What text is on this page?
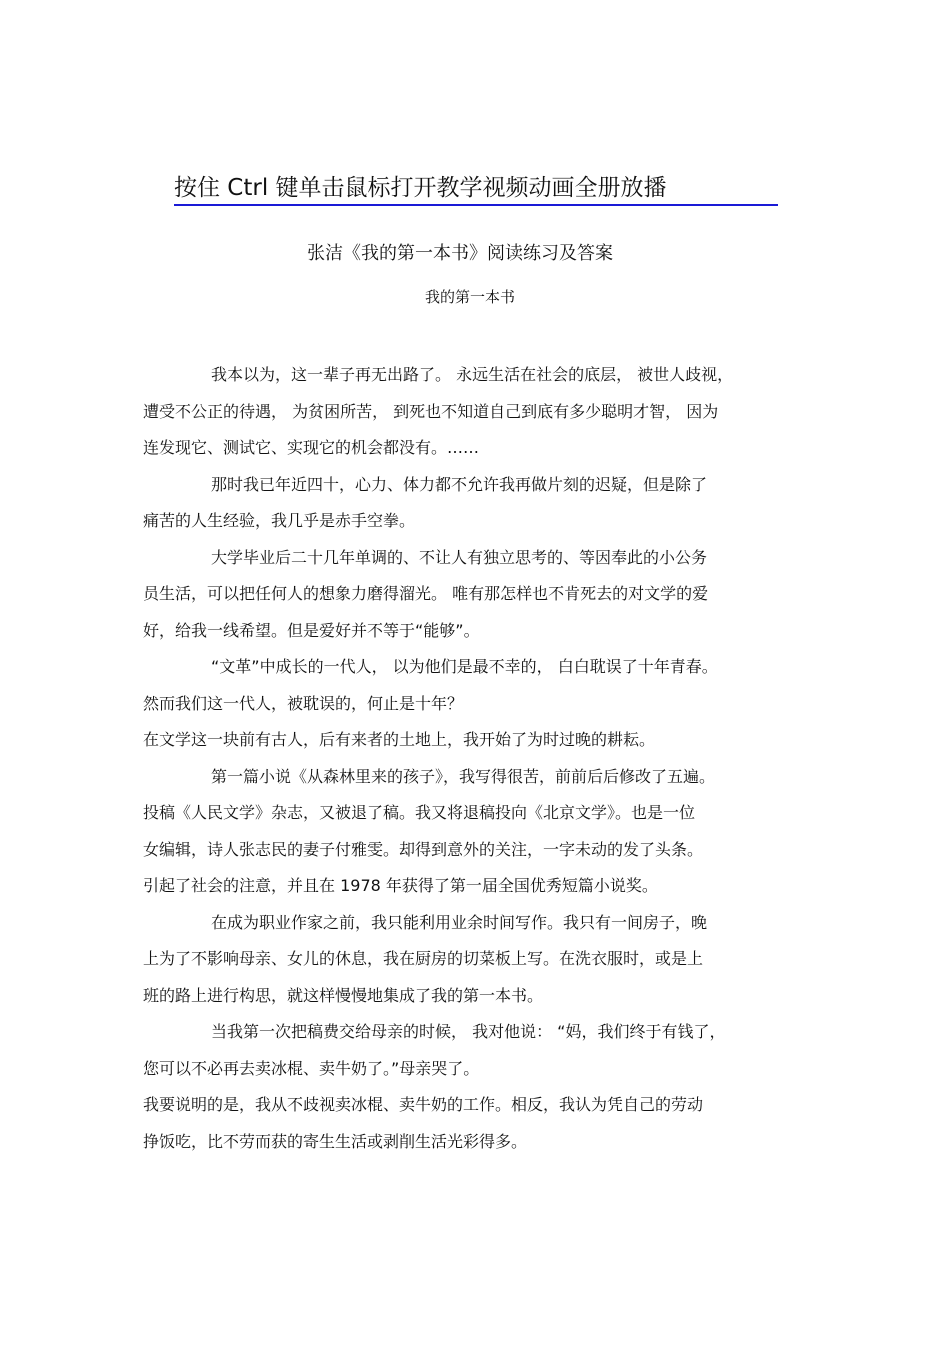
按住 Ctrl 键单击鼠标打开教学视频动画全册放播
张洁《我的第一本书》阅读练习及答案
我的第一本书
我本以为，这一辈子再无出路了。 永远生活在社会的底层， 被世人歧视，
遭受不公正的待遇， 为贫困所苦， 到死也不知道自己到底有多少聪明才智， 因为
连发现它、测试它、实现它的机会都没有。……
那时我已年近四十，心力、体力都不允许我再做片刻的迟疑，但是除了
痛苦的人生经验，我几乎是赤手空拳。
大学毕业后二十几年单调的、不让人有独立思考的、等因奉此的小公务
员生活，可以把任何人的想象力磨得溜光。 唯有那怎样也不肯死去的对文学的爱
好，给我一线希望。但是爱好并不等于“能够”。
“文革”中成长的一代人， 以为他们是最不幸的， 白白耽误了十年青春。
然而我们这一代人，被耽误的，何止是十年？
在文学这一块前有古人，后有来者的土地上，我开始了为时过晚的耕耘。
第一篇小说《从森林里来的孩子》，我写得很苦，前前后后修改了五遍。
投稿《人民文学》杂志，又被退了稿。我又将退稿投向《北京文学》。也是一位
女编辑，诗人张志民的妻子付雅雯。却得到意外的关注，一字未动的发了头条。
引起了社会的注意，并且在 1978 年获得了第一届全国优秀短篇小说奖。
在成为职业作家之前，我只能利用业余时间写作。我只有一间房子，晚
上为了不影响母亲、女儿的休息，我在厨房的切菜板上写。在洗衣服时，或是上
班的路上进行构思，就这样慢慢地集成了我的第一本书。
当我第一次把稿费交给母亲的时候， 我对他说： “妈，我们终于有钱了，
您可以不必再去卖冰棍、卖牛奶了。”母亲哭了。
我要说明的是，我从不歧视卖冰棍、卖牛奶的工作。相反，我认为凭自己的劳动
挣饭吃，比不劳而获的寄生生活或剥削生活光彩得多。
